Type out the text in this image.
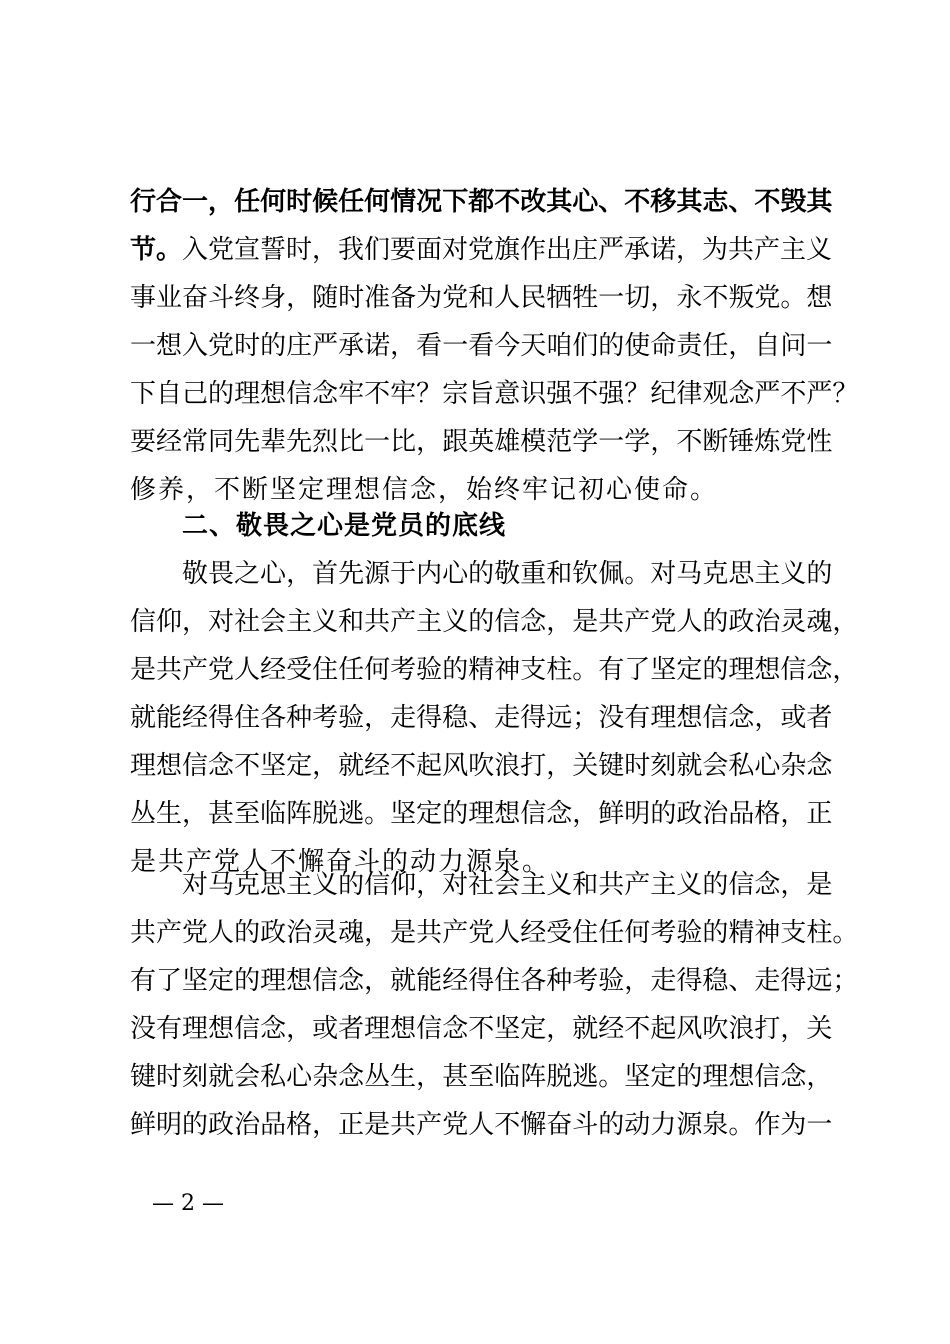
行 合 一 ， 任 何 时 候 任 何 情 况 下 都 不 改 其 心 、 不 移 其 志 、 不 毁 其
节。 入党宣誓时，我们要面对党旗作出庄严承诺，为共产主义
事 业 奋 斗 终 身 ， 随 时 准 备 为 党 和 人 民 牺 牲 一 切 ， 永 不 叛 党 。 想
一 想 入 党 时 的 庄 严 承 诺 ， 看 一 看 今 天 咱 们 的 使 命 责 任 ， 自 问 一
下 自 己 的 理 想 信 念 牢 不 牢 ？ 宗 旨 意 识 强 不 强 ？ 纪 律 观 念 严 不 严 ？
要 经 常 同 先 辈 先 烈 比 一 比 ， 跟 英 雄 模 范 学 一 学 ， 不 断 锤 炼 党 性
修养，不断坚定理想信念，始终牢记初心使命。
二、敬畏之心是党员的底线
敬 畏 之 心 ， 首 先 源 于 内 心 的 敬 重 和 钦 佩 。 对 马 克 思 主 义 的
信 仰 ， 对 社 会 主 义 和 共 产 主 义 的 信 念 ， 是 共 产 党 人 的 政 治 灵 魂 ，
是 共 产 党 人 经 受 住 任 何 考 验 的 精 神 支 柱 。 有 了 坚 定 的 理 想 信 念 ，
就 能 经 得 住 各 种 考 验 ， 走 得 稳 、 走 得 远 ； 没 有 理 想 信 念 ， 或 者
理 想 信 念 不 坚 定 ， 就 经 不 起 风 吹 浪 打 ， 关 键 时 刻 就 会 私 心 杂 念
丛 生 ， 甚 至 临 阵 脱 逃 。 坚 定 的 理 想 信 念 ， 鲜 明 的 政 治 品 格 ， 正
是共产党人不懈奋斗的动力源泉。
对 马 克 思 主 义 的 信 仰 ， 对 社 会 主 义 和 共 产 主 义 的 信 念 ， 是
共 产 党 人 的 政 治 灵 魂 ， 是 共 产 党 人 经 受 住 任 何 考 验 的 精 神 支 柱 。
有 了 坚 定 的 理 想 信 念 ， 就 能 经 得 住 各 种 考 验 ， 走 得 稳 、 走 得 远 ；
没 有 理 想 信 念 ， 或 者 理 想 信 念 不 坚 定 ， 就 经 不 起 风 吹 浪 打 ， 关
键 时 刻 就 会 私 心 杂 念 丛 生 ， 甚 至 临 阵 脱 逃 。 坚 定 的 理 想 信 念 ，
鲜 明 的 政 治 品 格 ， 正 是 共 产 党 人 不 懈 奋 斗 的 动 力 源 泉 。 作 为 一
— 2 —
